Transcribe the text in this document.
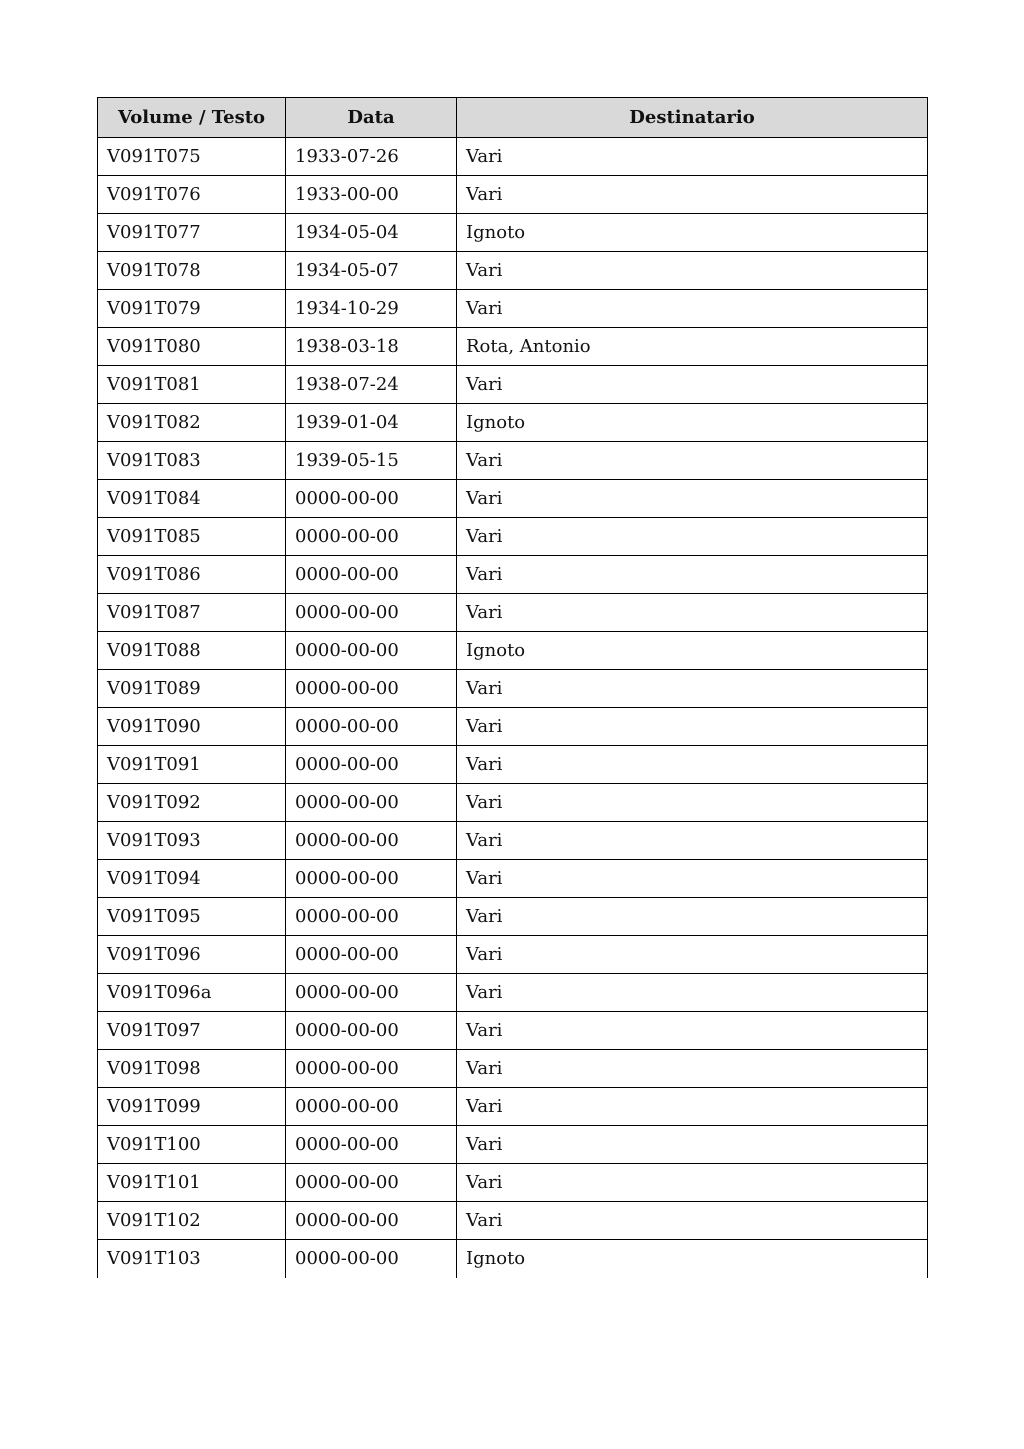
Volume / Testo	Data	Destinatario
V091T075	1933-07-26	Vari
V091T076	1933-00-00	Vari
V091T077	1934-05-04	Ignoto
V091T078	1934-05-07	Vari
V091T079	1934-10-29	Vari
V091T080	1938-03-18	Rota, Antonio
V091T081	1938-07-24	Vari
V091T082	1939-01-04	Ignoto
V091T083	1939-05-15	Vari
V091T084	0000-00-00	Vari
V091T085	0000-00-00	Vari
V091T086	0000-00-00	Vari
V091T087	0000-00-00	Vari
V091T088	0000-00-00	Ignoto
V091T089	0000-00-00	Vari
V091T090	0000-00-00	Vari
V091T091	0000-00-00	Vari
V091T092	0000-00-00	Vari
V091T093	0000-00-00	Vari
V091T094	0000-00-00	Vari
V091T095	0000-00-00	Vari
V091T096	0000-00-00	Vari
V091T096a	0000-00-00	Vari
V091T097	0000-00-00	Vari
V091T098	0000-00-00	Vari
V091T099	0000-00-00	Vari
V091T100	0000-00-00	Vari
V091T101	0000-00-00	Vari
V091T102	0000-00-00	Vari
V091T103	0000-00-00	Ignoto
